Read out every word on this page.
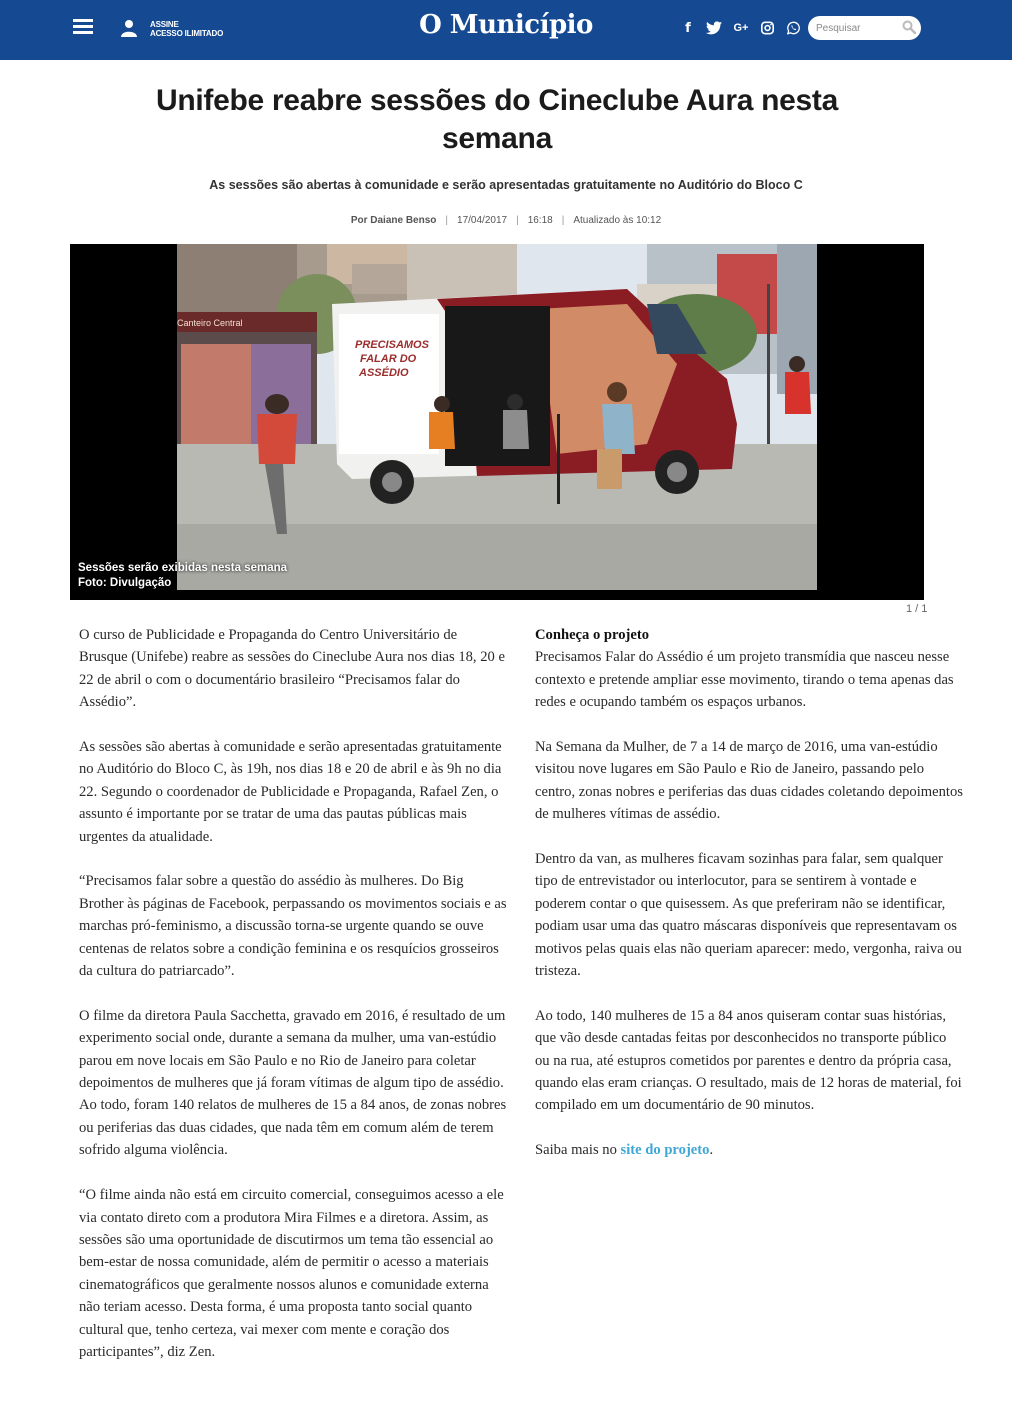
ASSINE
ACESSO ILIMITADO	O Município	f	G+
Pesquisar
Unifebe reabre sessões do Cineclube Aura nesta semana
As sessões são abertas à comunidade e serão apresentadas gratuitamente no Auditório do Bloco C
Por Daiane Benso | 17/04/2017 | 16:18 | Atualizado às 10:12
PRECISAMOS
FALAR DO
ASSÉDIO
Canteiro Central
Sessões serão exibidas nesta semana
Foto: Divulgação
1 / 1

O curso de Publicidade e Propaganda do Centro Universitário de Brusque (Unifebe) reabre as sessões do Cineclube Aura nos dias 18, 20 e 22 de abril o com o documentário brasileiro “Precisamos falar do Assédio”.

As sessões são abertas à comunidade e serão apresentadas gratuitamente no Auditório do Bloco C, às 19h, nos dias 18 e 20 de abril e às 9h no dia 22. Segundo o coordenador de Publicidade e Propaganda, Rafael Zen, o assunto é importante por se tratar de uma das pautas públicas mais urgentes da atualidade.

“Precisamos falar sobre a questão do assédio às mulheres. Do Big Brother às páginas de Facebook, perpassando os movimentos sociais e as marchas pró-feminismo, a discussão torna-se urgente quando se ouve centenas de relatos sobre a condição feminina e os resquícios grosseiros da cultura do patriarcado”.

O filme da diretora Paula Sacchetta, gravado em 2016, é resultado de um experimento social onde, durante a semana da mulher, uma van-estúdio parou em nove locais em São Paulo e no Rio de Janeiro para coletar depoimentos de mulheres que já foram vítimas de algum tipo de assédio. Ao todo, foram 140 relatos de mulheres de 15 a 84 anos, de zonas nobres ou periferias das duas cidades, que nada têm em comum além de terem sofrido alguma violência.

“O filme ainda não está em circuito comercial, conseguimos acesso a ele via contato direto com a produtora Mira Filmes e a diretora. Assim, as sessões são uma oportunidade de discutirmos um tema tão essencial ao bem-estar de nossa comunidade, além de permitir o acesso a materiais cinematográficos que geralmente nossos alunos e comunidade externa não teriam acesso. Desta forma, é uma proposta tanto social quanto cultural que, tenho certeza, vai mexer com mente e coração dos participantes”, diz Zen.

Conheça o projeto

Precisamos Falar do Assédio é um projeto transmídia que nasceu nesse contexto e pretende ampliar esse movimento, tirando o tema apenas das redes e ocupando também os espaços urbanos.

Na Semana da Mulher, de 7 a 14 de março de 2016, uma van-estúdio visitou nove lugares em São Paulo e Rio de Janeiro, passando pelo centro, zonas nobres e periferias das duas cidades coletando depoimentos de mulheres vítimas de assédio.

Dentro da van, as mulheres ficavam sozinhas para falar, sem qualquer tipo de entrevistador ou interlocutor, para se sentirem à vontade e poderem contar o que quisessem. As que preferiram não se identificar, podiam usar uma das quatro máscaras disponíveis que representavam os motivos pelas quais elas não queriam aparecer: medo, vergonha, raiva ou tristeza.

Ao todo, 140 mulheres de 15 a 84 anos quiseram contar suas histórias, que vão desde cantadas feitas por desconhecidos no transporte público ou na rua, até estupros cometidos por parentes e dentro da própria casa, quando elas eram crianças. O resultado, mais de 12 horas de material, foi compilado em um documentário de 90 minutos.

Saiba mais no site do projeto.
